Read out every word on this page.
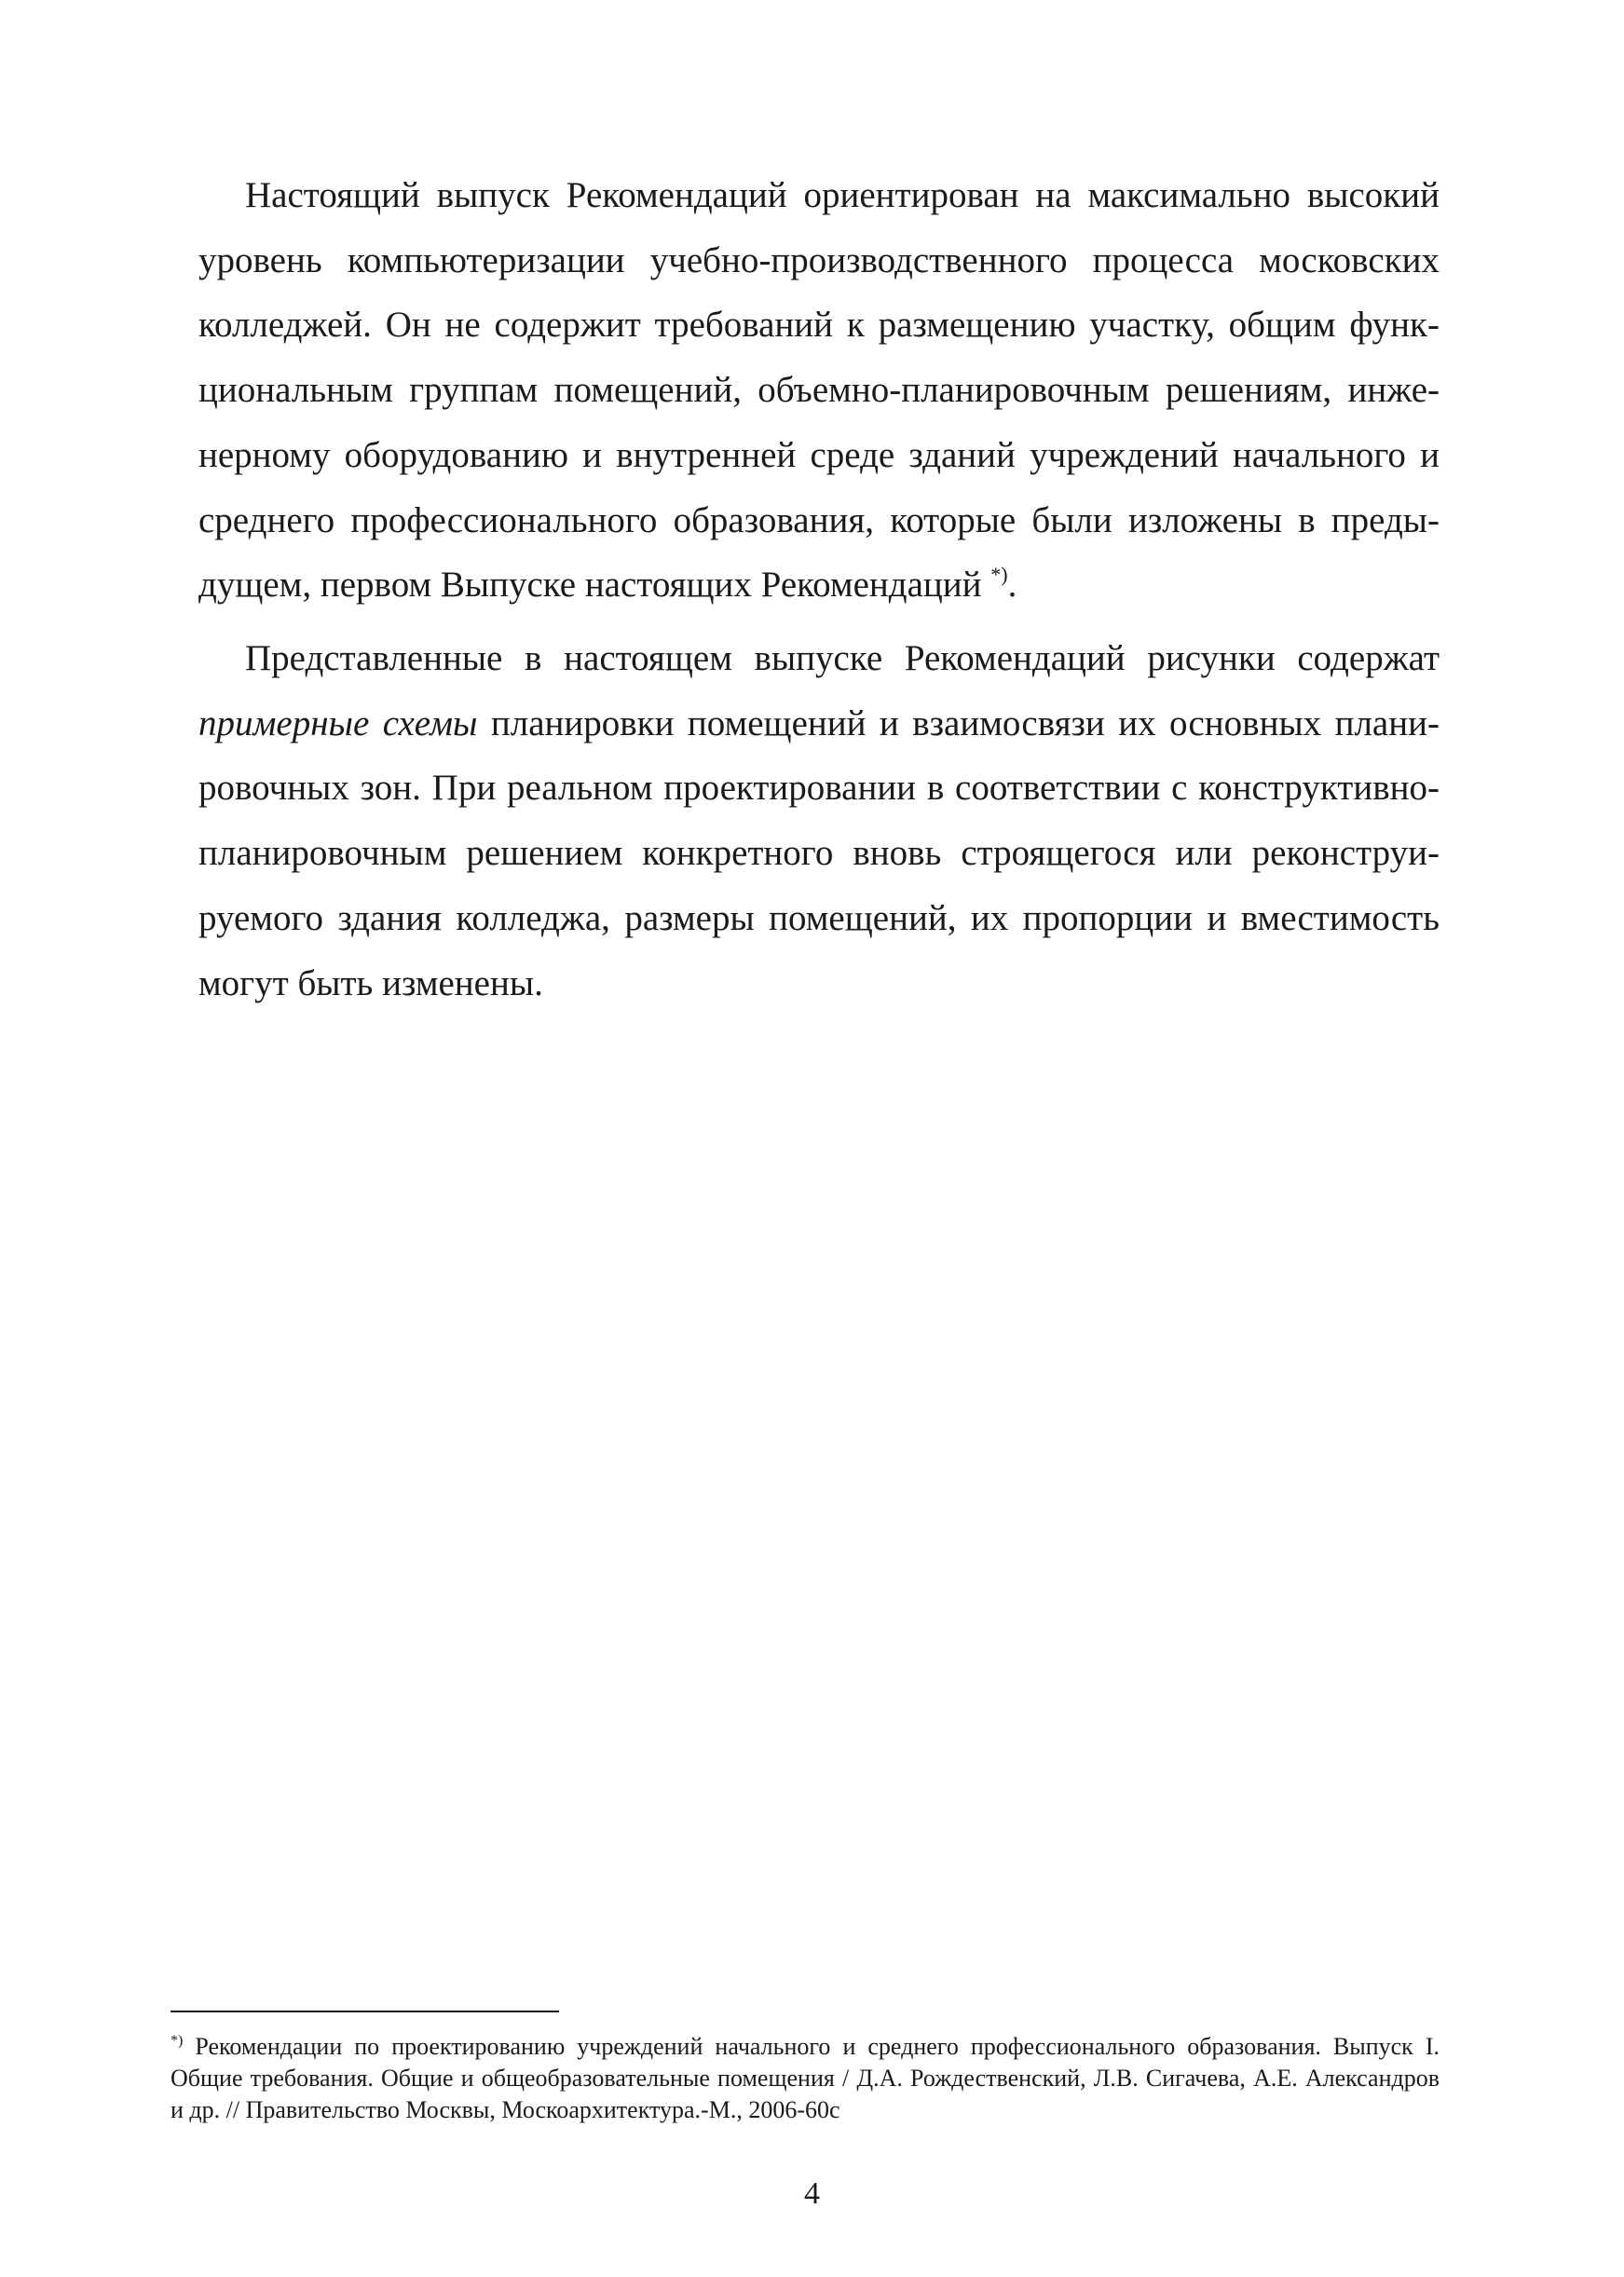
Настоящий выпуск Рекомендаций ориентирован на максимально высокий уровень компьютеризации учебно-производственного процесса московских колледжей. Он не содержит требований к размещению участку, общим функциональным группам помещений, объемно-планировочным решениям, инженерному оборудованию и внутренней среде зданий учреждений начального и среднего профессионального образования, которые были изложены в предыдущем, первом Выпуске настоящих Рекомендаций *).

Представленные в настоящем выпуске Рекомендаций рисунки содержат примерные схемы планировки помещений и взаимосвязи их основных планировочных зон. При реальном проектировании в соответствии с конструктивно-планировочным решением конкретного вновь строящегося или реконструируемого здания колледжа, размеры помещений, их пропорции и вместимость могут быть изменены.

*) Рекомендации по проектированию учреждений начального и среднего профессионального образования. Выпуск I. Общие требования. Общие и общеобразовательные помещения / Д.А. Рождественский, Л.В. Сигачева, А.Е. Александров и др. // Правительство Москвы, Москоархитектура.-М., 2006-60с

4
